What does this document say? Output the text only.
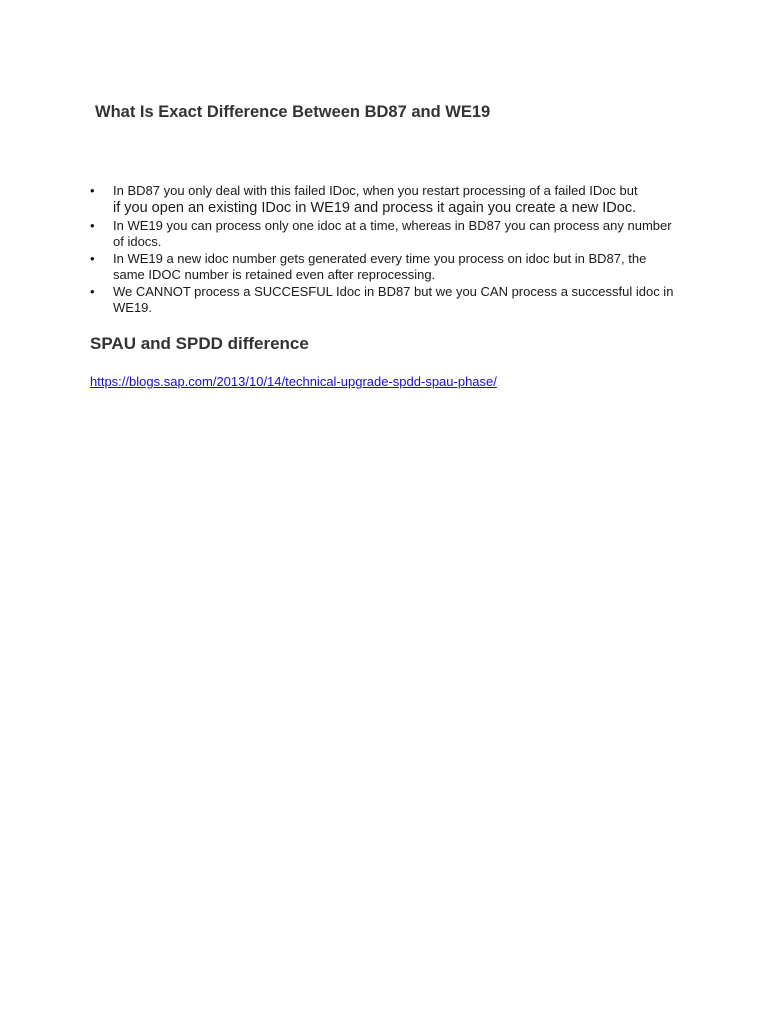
What Is Exact Difference Between BD87 and WE19
• In BD87 you only deal with this failed IDoc, when you restart processing of a failed IDoc but
if you open an existing IDoc in WE19 and process it again you create a new IDoc.
• In WE19 you can process only one idoc at a time, whereas in BD87 you can process any number of idocs.
• In WE19 a new idoc number gets generated every time you process on idoc but in BD87, the same IDOC number is retained even after reprocessing.
• We CANNOT process a SUCCESFUL Idoc in BD87 but we you CAN process a successful idoc in WE19.
SPAU and SPDD difference
https://blogs.sap.com/2013/10/14/technical-upgrade-spdd-spau-phase/
